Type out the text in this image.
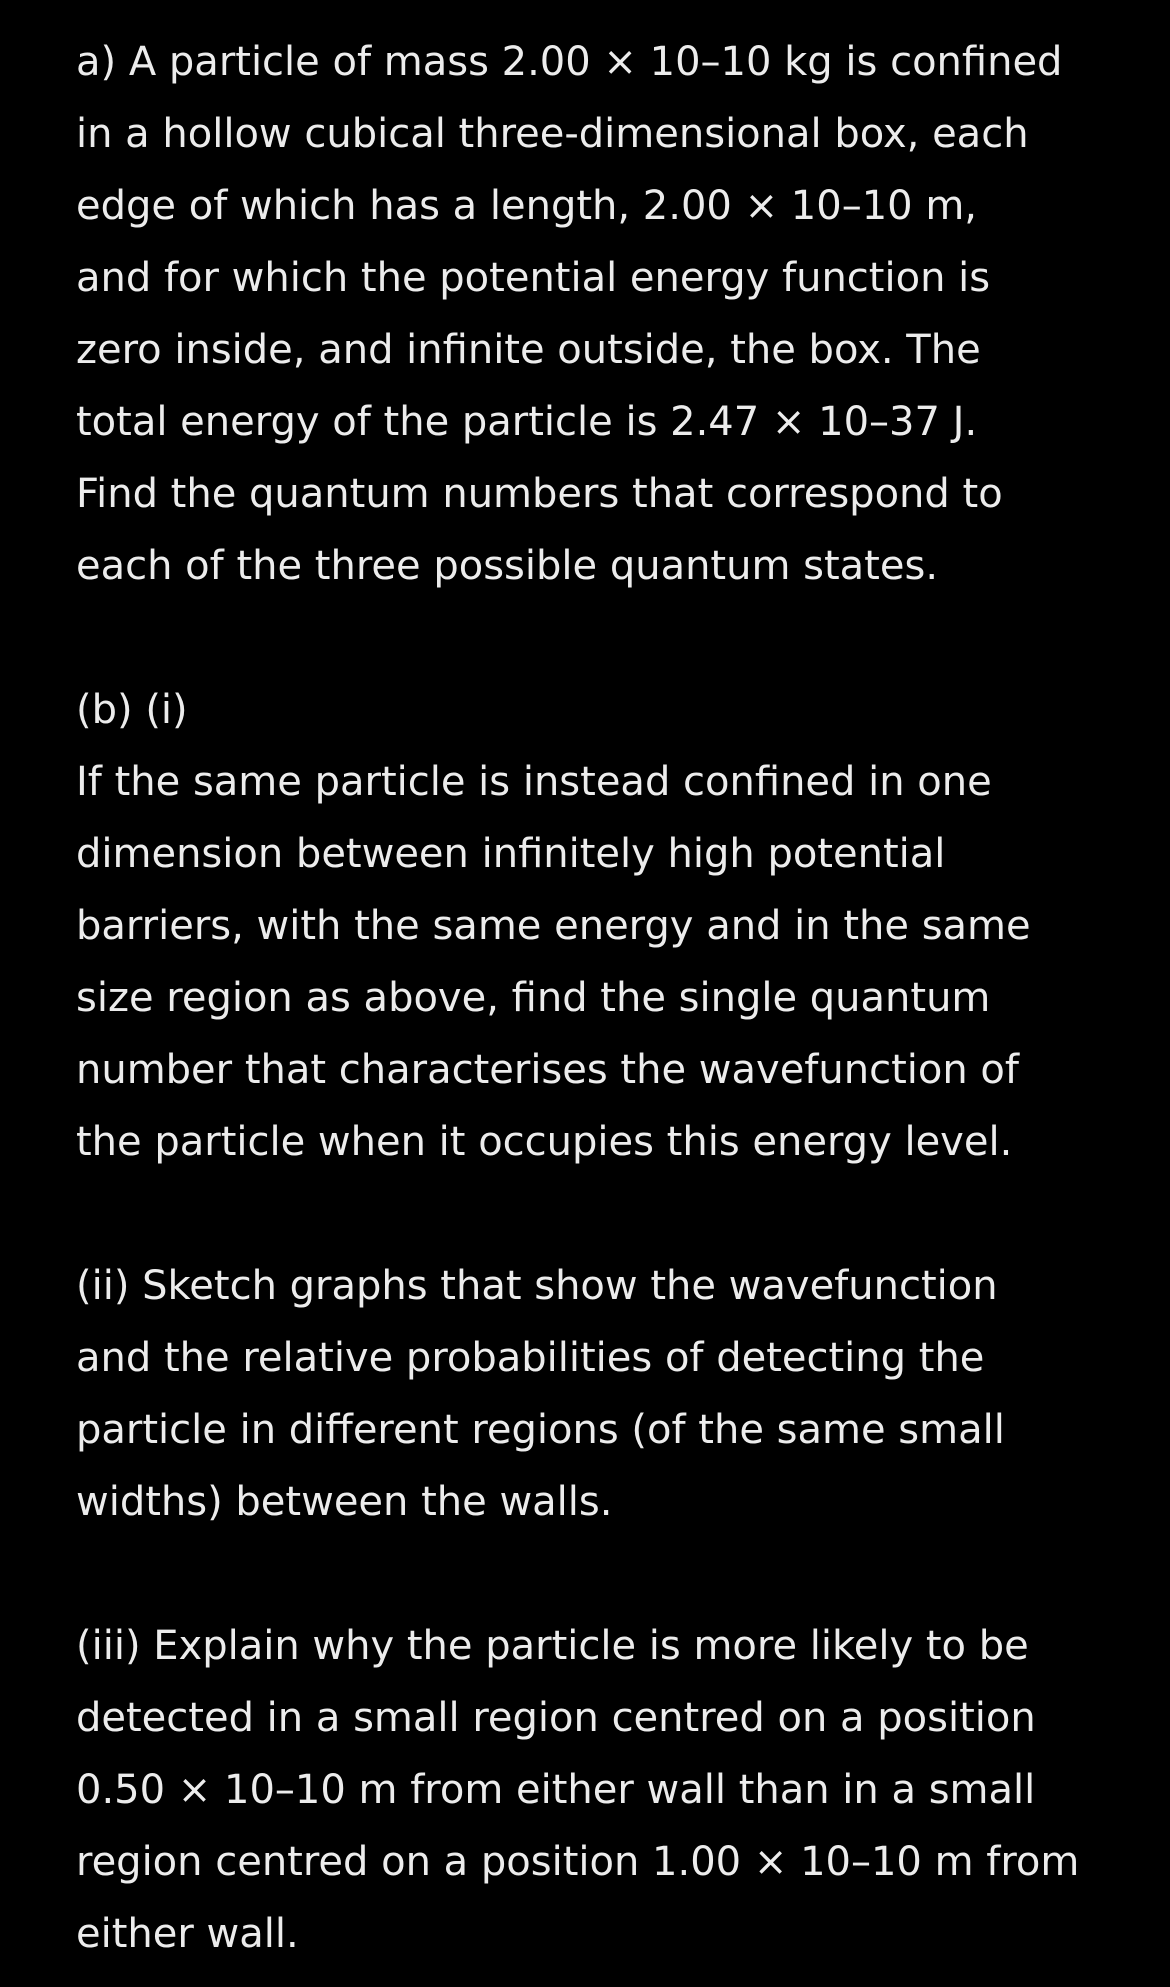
a) A particle of mass 2.00 × 10–10 kg is confined

in a hollow cubical three-dimensional box, each

edge of which has a length, 2.00 × 10–10 m,

and for which the potential energy function is

zero inside, and infinite outside, the box. The

total energy of the particle is 2.47 × 10–37 J.

Find the quantum numbers that correspond to

each of the three possible quantum states.

(b) (i)

If the same particle is instead confined in one

dimension between infinitely high potential

barriers, with the same energy and in the same

size region as above, find the single quantum

number that characterises the wavefunction of

the particle when it occupies this energy level.

(ii) Sketch graphs that show the wavefunction

and the relative probabilities of detecting the

particle in different regions (of the same small

widths) between the walls.

(iii) Explain why the particle is more likely to be

detected in a small region centred on a position

0.50 × 10–10 m from either wall than in a small

region centred on a position 1.00 × 10–10 m from

either wall.
